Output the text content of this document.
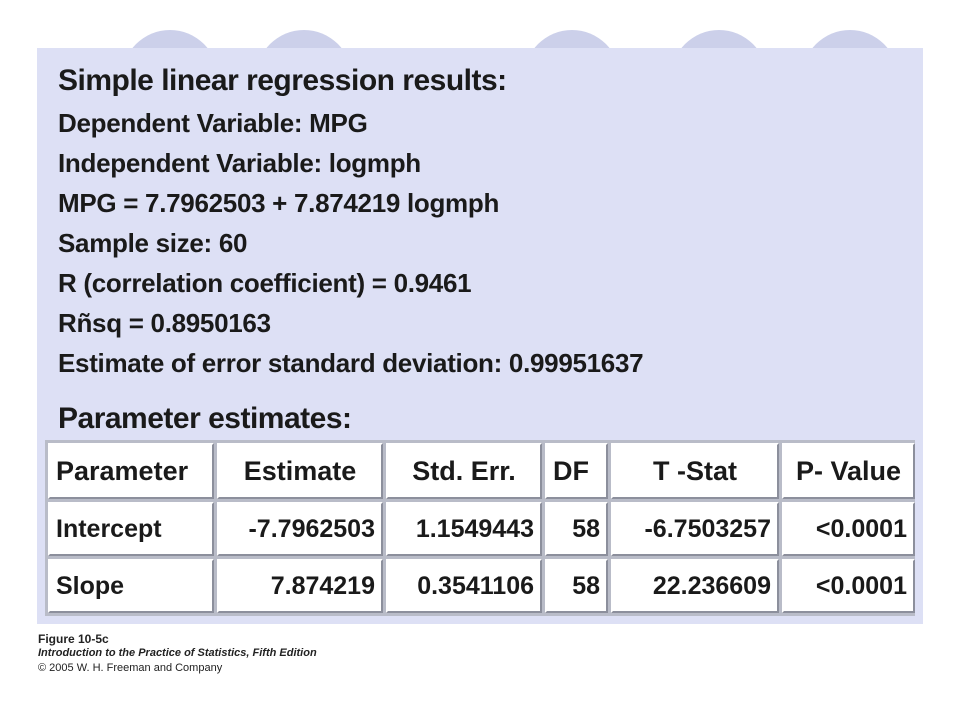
Simple linear regression results:
Dependent Variable: MPG
Independent Variable: logmph
MPG = 7.7962503 + 7.874219 logmph
Sample size: 60
R (correlation coefficient) = 0.9461
Rñsq = 0.8950163
Estimate of error standard deviation: 0.99951637
Parameter estimates:
Parameter	Estimate	Std. Err.	DF	T -Stat	P- Value
Intercept	-7.7962503	1.1549443	58	-6.7503257	<0.0001
Slope	7.874219	0.3541106	58	22.236609	<0.0001
Figure 10-5c
Introduction to the Practice of Statistics, Fifth Edition
© 2005 W. H. Freeman and Company
